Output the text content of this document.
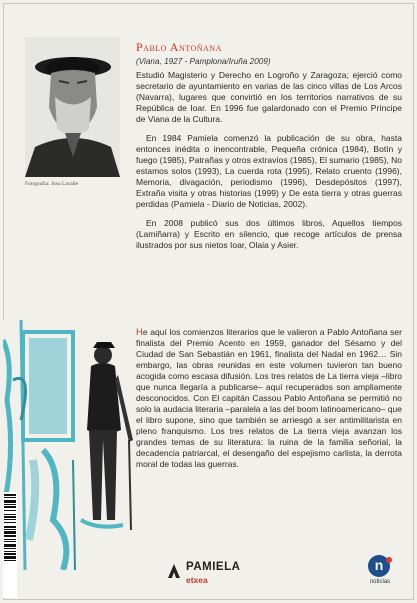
Fotografía: Josu Lacalle

Pablo Antoñana

(Viana, 1927 - Pamplona/Iruña 2009)

Estudió Magisterio y Derecho en Logroño y Zaragoza; ejerció como secretario de ayuntamiento en varias de las cinco villas de Los Arcos (Navarra), lugares que convirtió en los territorios narrativos de su República de Ioar. En 1996 fue galardonado con el Premio Príncipe de Viana de la Cultura.

En 1984 Pamiela comenzó la publicación de su obra, hasta entonces inédita o inencontrable, Pequeña crónica (1984), Botín y fuego (1985), Patrañas y otros extravíos (1985), El sumario (1985), No estamos solos (1993), La cuerda rota (1995), Relato cruento (1996), Memoria, divagación, periodismo (1996), Desdepósitos (1997), Extraña visita y otras historias (1999) y De esta tierra y otras guerras perdidas (Pamiela - Diario de Noticias, 2002).

En 2008 publicó sus dos últimos libros, Aquellos tiempos (Lamiñarra) y Escrito en silencio, que recoge artículos de prensa ilustrados por sus nietos Ioar, Olaia y Asier.

He aquí los comienzos literarios que le valieron a Pablo Antoñana ser finalista del Premio Acento en 1959, ganador del Sésamo y del Ciudad de San Sebastián en 1961, finalista del Nadal en 1962… Sin embargo, las obras reunidas en este volumen tuvieron tan bueno acogida como escasa difusión. Los tres relatos de La tierra vieja –libro que nunca llegaría a publicarse– aquí recuperados son ampliamente desconocidos. Con El capitán Cassou Pablo Antoñana se permitió no solo la audacia literaria –paralela a las del boom latinoamericano– que el libro supone, sino que también se arriesgó a ser antimilitarista en pleno franquismo. Los tres relatos de La tierra vieja avanzan los grandes temas de su literatura: la ruina de la familia señorial, la decadencia patriarcal, el desengaño del espejismo carlista, la derrota moral de todas las guerras.

PAMIELA

etxea

n
noticias
